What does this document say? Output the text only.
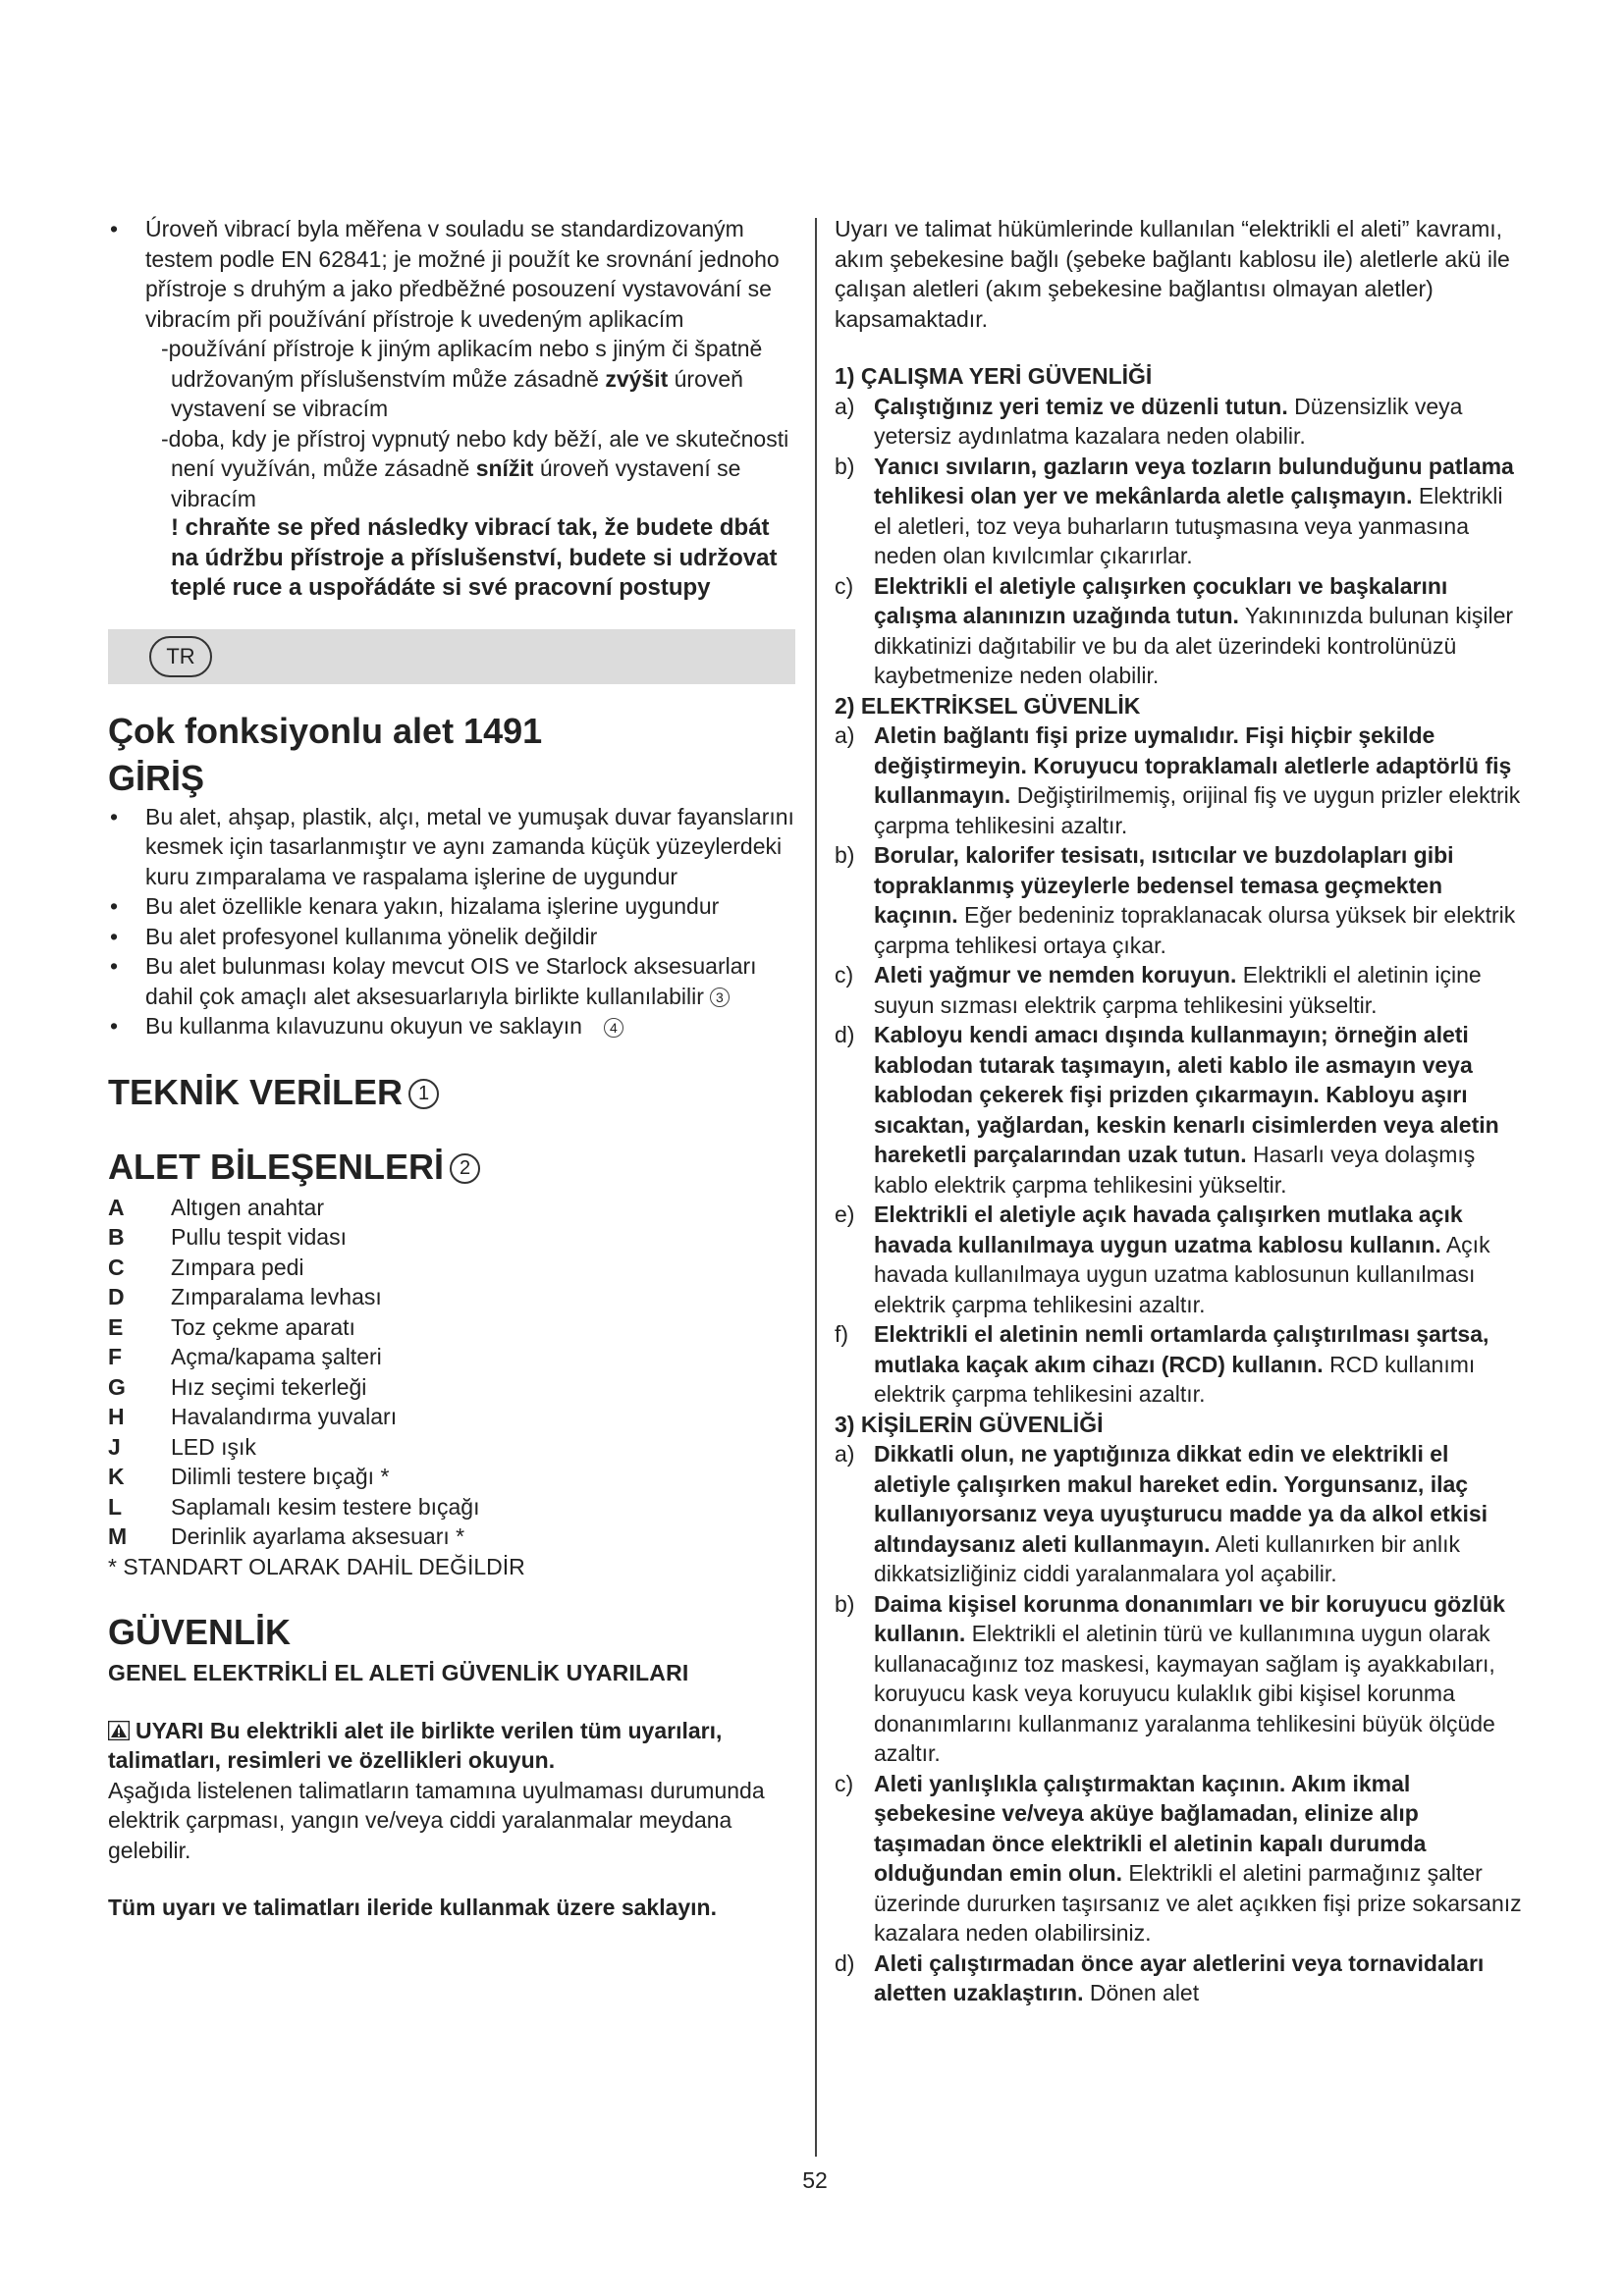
• Úroveň vibrací byla měřena v souladu se standardizovaným testem podle EN 62841; je možné ji použít ke srovnání jednoho přístroje s druhým a jako předběžné posouzení vystavování se vibracím při používání přístroje k uvedeným aplikacím
-používání přístroje k jiným aplikacím nebo s jiným či špatně udržovaným příslušenstvím může zásadně zvýšit úroveň vystavení se vibracím
-doba, kdy je přístroj vypnutý nebo kdy běží, ale ve skutečnosti není využíván, může zásadně snížit úroveň vystavení se vibracím
! chraňte se před následky vibrací tak, že budete dbát na údržbu přístroje a příslušenství, budete si udržovat teplé ruce a uspořádáte si své pracovní postupy
TR
Çok fonksiyonlu alet 1491
GİRİŞ
• Bu alet, ahşap, plastik, alçı, metal ve yumuşak duvar fayanslarını kesmek için tasarlanmıştır ve aynı zamanda küçük yüzeylerdeki kuru zımparalama ve raspalama işlerine de uygundur
• Bu alet özellikle kenara yakın, hizalama işlerine uygundur
• Bu alet profesyonel kullanıma yönelik değildir
• Bu alet bulunması kolay mevcut OIS ve Starlock aksesuarları dahil çok amaçlı alet aksesuarlarıyla birlikte kullanılabilir 3
• Bu kullanma kılavuzunu okuyun ve saklayın 4
TEKNİK VERİLER 1
ALET BİLEŞENLERİ 2
A	Altıgen anahtar
B	Pullu tespit vidası
C	Zımpara pedi
D	Zımparalama levhası
E	Toz çekme aparatı
F	Açma/kapama şalteri
G	Hız seçimi tekerleği
H	Havalandırma yuvaları
J	LED ışık
K	Dilimli testere bıçağı *
L	Saplamalı kesim testere bıçağı
M	Derinlik ayarlama aksesuarı *
* STANDART OLARAK DAHİL DEĞİLDİR
GÜVENLİK
GENEL ELEKTRİKLİ EL ALETİ GÜVENLİK UYARILARI
UYARI Bu elektrikli alet ile birlikte verilen tüm uyarıları, talimatları, resimleri ve özellikleri okuyun.
Aşağıda listelenen talimatların tamamına uyulmaması durumunda elektrik çarpması, yangın ve/veya ciddi yaralanmalar meydana gelebilir.
Tüm uyarı ve talimatları ileride kullanmak üzere saklayın.
Uyarı ve talimat hükümlerinde kullanılan “elektrikli el aleti” kavramı, akım şebekesine bağlı (şebeke bağlantı kablosu ile) aletlerle akü ile çalışan aletleri (akım şebekesine bağlantısı olmayan aletler) kapsamaktadır.
1) ÇALIŞMA YERİ GÜVENLİĞİ
a) Çalıştığınız yeri temiz ve düzenli tutun. Düzensizlik veya yetersiz aydınlatma kazalara neden olabilir.
b) Yanıcı sıvıların, gazların veya tozların bulunduğunu patlama tehlikesi olan yer ve mekânlarda aletle çalışmayın. Elektrikli el aletleri, toz veya buharların tutuşmasına veya yanmasına neden olan kıvılcımlar çıkarırlar.
c) Elektrikli el aletiyle çalışırken çocukları ve başkalarını çalışma alanınızın uzağında tutun. Yakınınızda bulunan kişiler dikkatinizi dağıtabilir ve bu da alet üzerindeki kontrolünüzü kaybetmenize neden olabilir.
2) ELEKTRİKSEL GÜVENLİK
a) Aletin bağlantı fişi prize uymalıdır. Fişi hiçbir şekilde değiştirmeyin. Koruyucu topraklamalı aletlerle adaptörlü fiş kullanmayın. Değiştirilmemiş, orijinal fiş ve uygun prizler elektrik çarpma tehlikesini azaltır.
b) Borular, kalorifer tesisatı, ısıtıcılar ve buzdolapları gibi topraklanmış yüzeylerle bedensel temasa geçmekten kaçının. Eğer bedeniniz topraklanacak olursa yüksek bir elektrik çarpma tehlikesi ortaya çıkar.
c) Aleti yağmur ve nemden koruyun. Elektrikli el aletinin içine suyun sızması elektrik çarpma tehlikesini yükseltir.
d) Kabloyu kendi amacı dışında kullanmayın; örneğin aleti kablodan tutarak taşımayın, aleti kablo ile asmayın veya kablodan çekerek fişi prizden çıkarmayın. Kabloyu aşırı sıcaktan, yağlardan, keskin kenarlı cisimlerden veya aletin hareketli parçalarından uzak tutun. Hasarlı veya dolaşmış kablo elektrik çarpma tehlikesini yükseltir.
e) Elektrikli el aletiyle açık havada çalışırken mutlaka açık havada kullanılmaya uygun uzatma kablosu kullanın. Açık havada kullanılmaya uygun uzatma kablosunun kullanılması elektrik çarpma tehlikesini azaltır.
f) Elektrikli el aletinin nemli ortamlarda çalıştırılması şartsa, mutlaka kaçak akım cihazı (RCD) kullanın. RCD kullanımı elektrik çarpma tehlikesini azaltır.
3) KİŞİLERİN GÜVENLİĞİ
a) Dikkatli olun, ne yaptığınıza dikkat edin ve elektrikli el aletiyle çalışırken makul hareket edin. Yorgunsanız, ilaç kullanıyorsanız veya uyuşturucu madde ya da alkol etkisi altındaysanız aleti kullanmayın. Aleti kullanırken bir anlık dikkatsizliğiniz ciddi yaralanmalara yol açabilir.
b) Daima kişisel korunma donanımları ve bir koruyucu gözlük kullanın. Elektrikli el aletinin türü ve kullanımına uygun olarak kullanacağınız toz maskesi, kaymayan sağlam iş ayakkabıları, koruyucu kask veya koruyucu kulaklık gibi kişisel korunma donanımlarını kullanmanız yaralanma tehlikesini büyük ölçüde azaltır.
c) Aleti yanlışlıkla çalıştırmaktan kaçının. Akım ikmal şebekesine ve/veya aküye bağlamadan, elinize alıp taşımadan önce elektrikli el aletinin kapalı durumda olduğundan emin olun. Elektrikli el aletini parmağınız şalter üzerinde dururken taşırsanız ve alet açıkken fişi prize sokarsanız kazalara neden olabilirsiniz.
d) Aleti çalıştırmadan önce ayar aletlerini veya tornavidaları aletten uzaklaştırın. Dönen alet
52
